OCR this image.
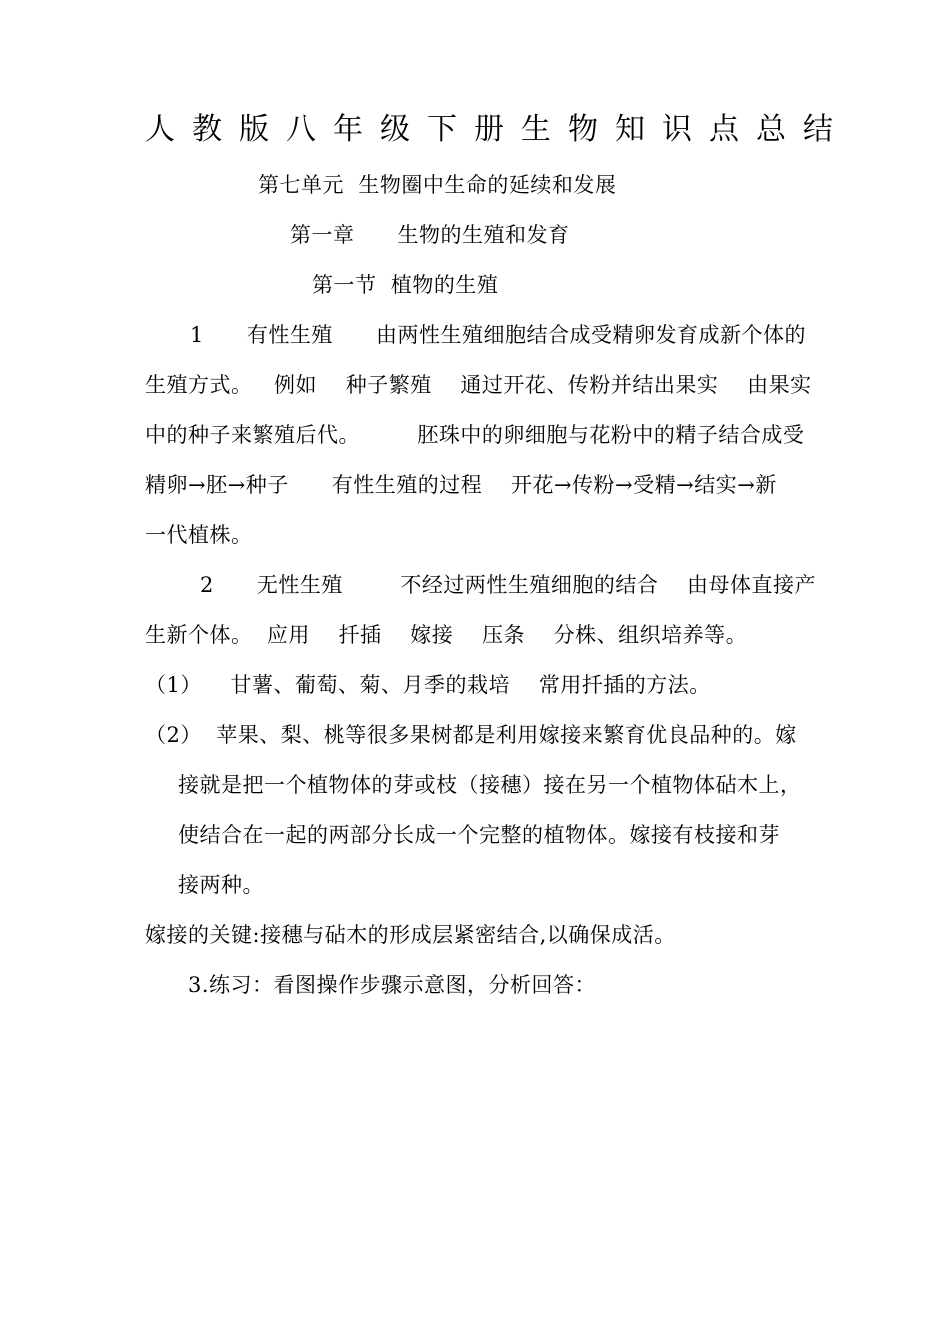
人教版八年级下册生物知识点总结
第七单元  生物圈中生命的延续和发展
第一章      生物的生殖和发育
第一节  植物的生殖
1      有性生殖      由两性生殖细胞结合成受精卵发育成新个体的
生殖方式。   例如    种子繁殖    通过开花、传粉并结出果实    由果实
中的种子来繁殖后代。        胚珠中的卵细胞与花粉中的精子结合成受
精卵→胚→种子      有性生殖的过程    开花→传粉→受精→结实→新
一代植株。
2      无性生殖        不经过两性生殖细胞的结合    由母体直接产
生新个体。  应用    扦插    嫁接    压条    分株、组织培养等。
（1）    甘薯、葡萄、菊、月季的栽培    常用扦插的方法。
（2）  苹果、梨、桃等很多果树都是利用嫁接来繁育优良品种的。嫁
接就是把一个植物体的芽或枝（接穗）接在另一个植物体砧木上，
使结合在一起的两部分长成一个完整的植物体。嫁接有枝接和芽
接两种。
嫁接的关键:接穗与砧木的形成层紧密结合,以确保成活。
3.练习：看图操作步骤示意图，分析回答：
